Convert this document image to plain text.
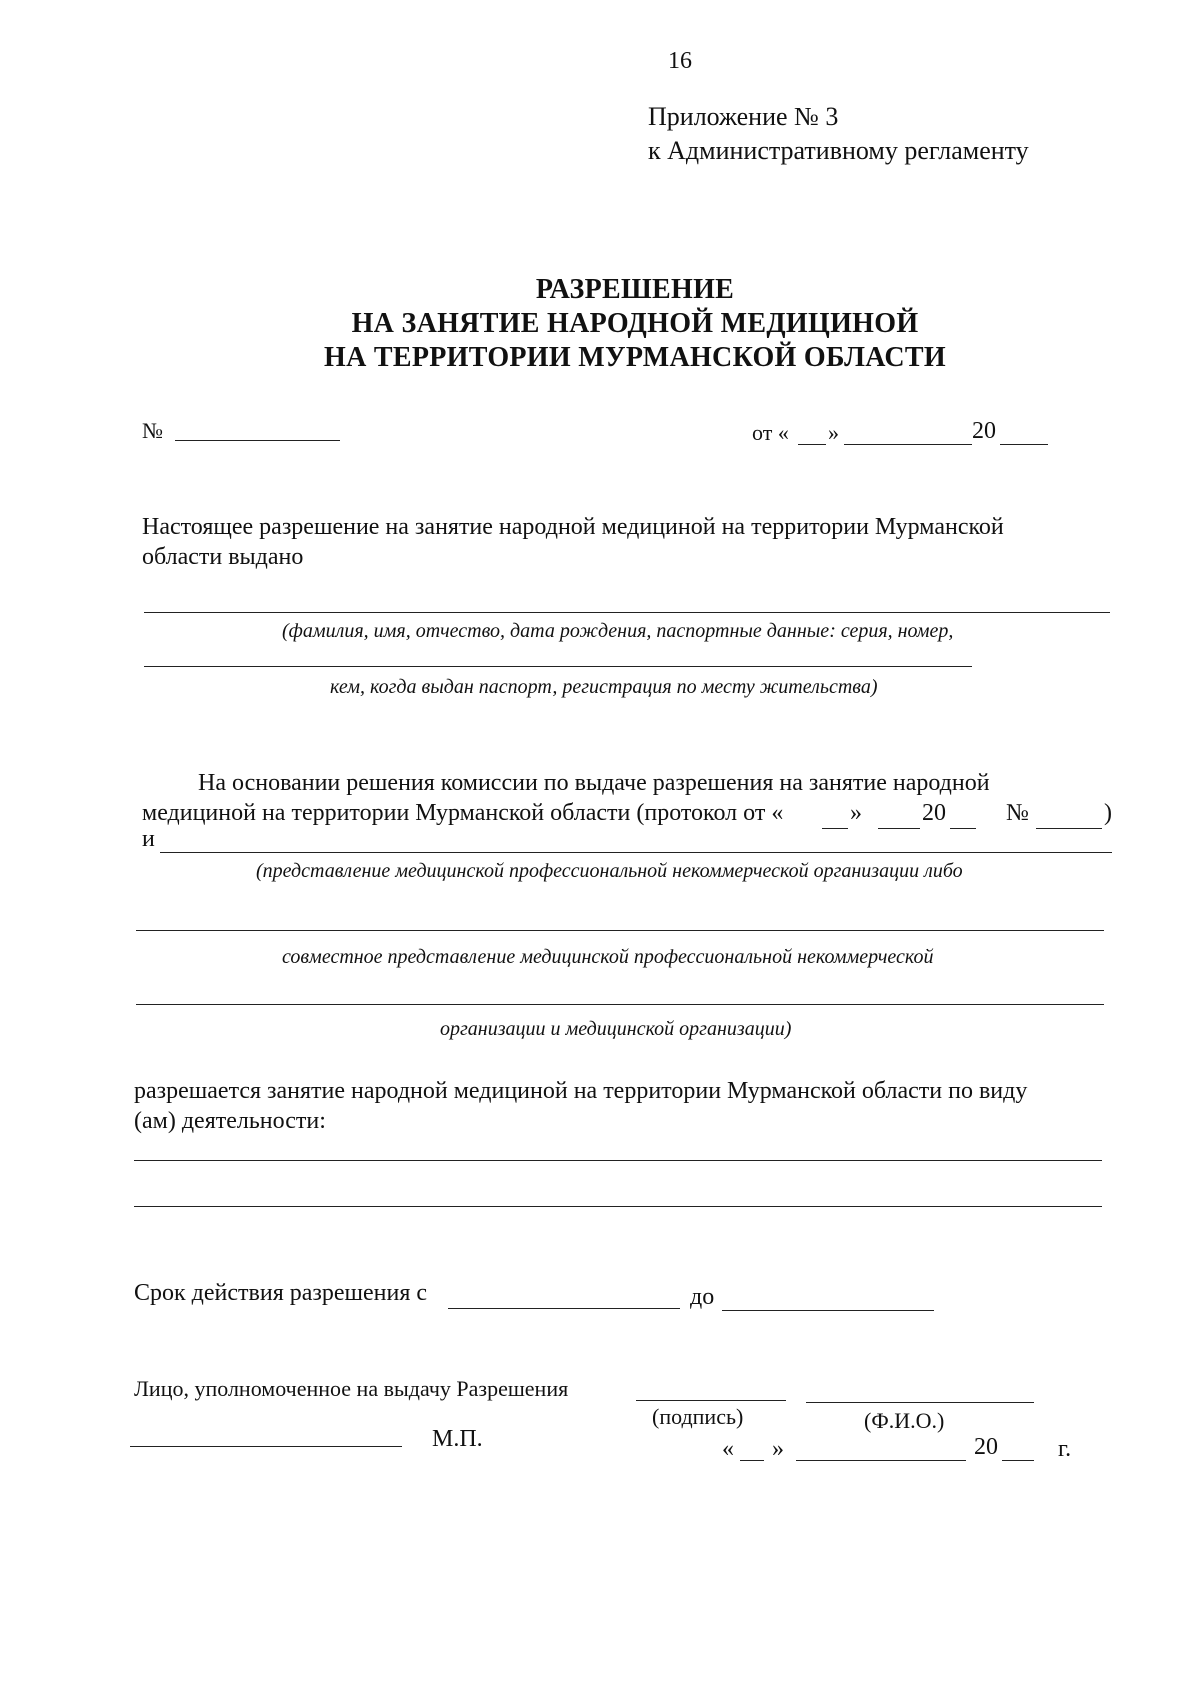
16
Приложение № 3
к Административному регламенту
РАЗРЕШЕНИЕ
НА ЗАНЯТИЕ НАРОДНОЙ МЕДИЦИНОЙ
НА ТЕРРИТОРИИ МУРМАНСКОЙ ОБЛАСТИ
№	от « »	20
Настоящее разрешение на занятие народной медициной на территории Мурманской
области выдано
(фамилия, имя, отчество, дата рождения, паспортные данные: серия, номер,
кем, когда выдан паспорт, регистрация по месту жительства)
На основании решения комиссии по выдаче разрешения на занятие народной
медициной на территории Мурманской области (протокол от «	»	20	№	)
и
(представление медицинской профессиональной некоммерческой организации либо
совместное представление медицинской профессиональной некоммерческой
организации и медицинской организации)
разрешается занятие народной медициной на территории Мурманской области по виду
(ам) деятельности:
Срок действия разрешения с	до
Лицо, уполномоченное на выдачу Разрешения
(подпись)	(Ф.И.О.)
М.П.	« »	20	г.
